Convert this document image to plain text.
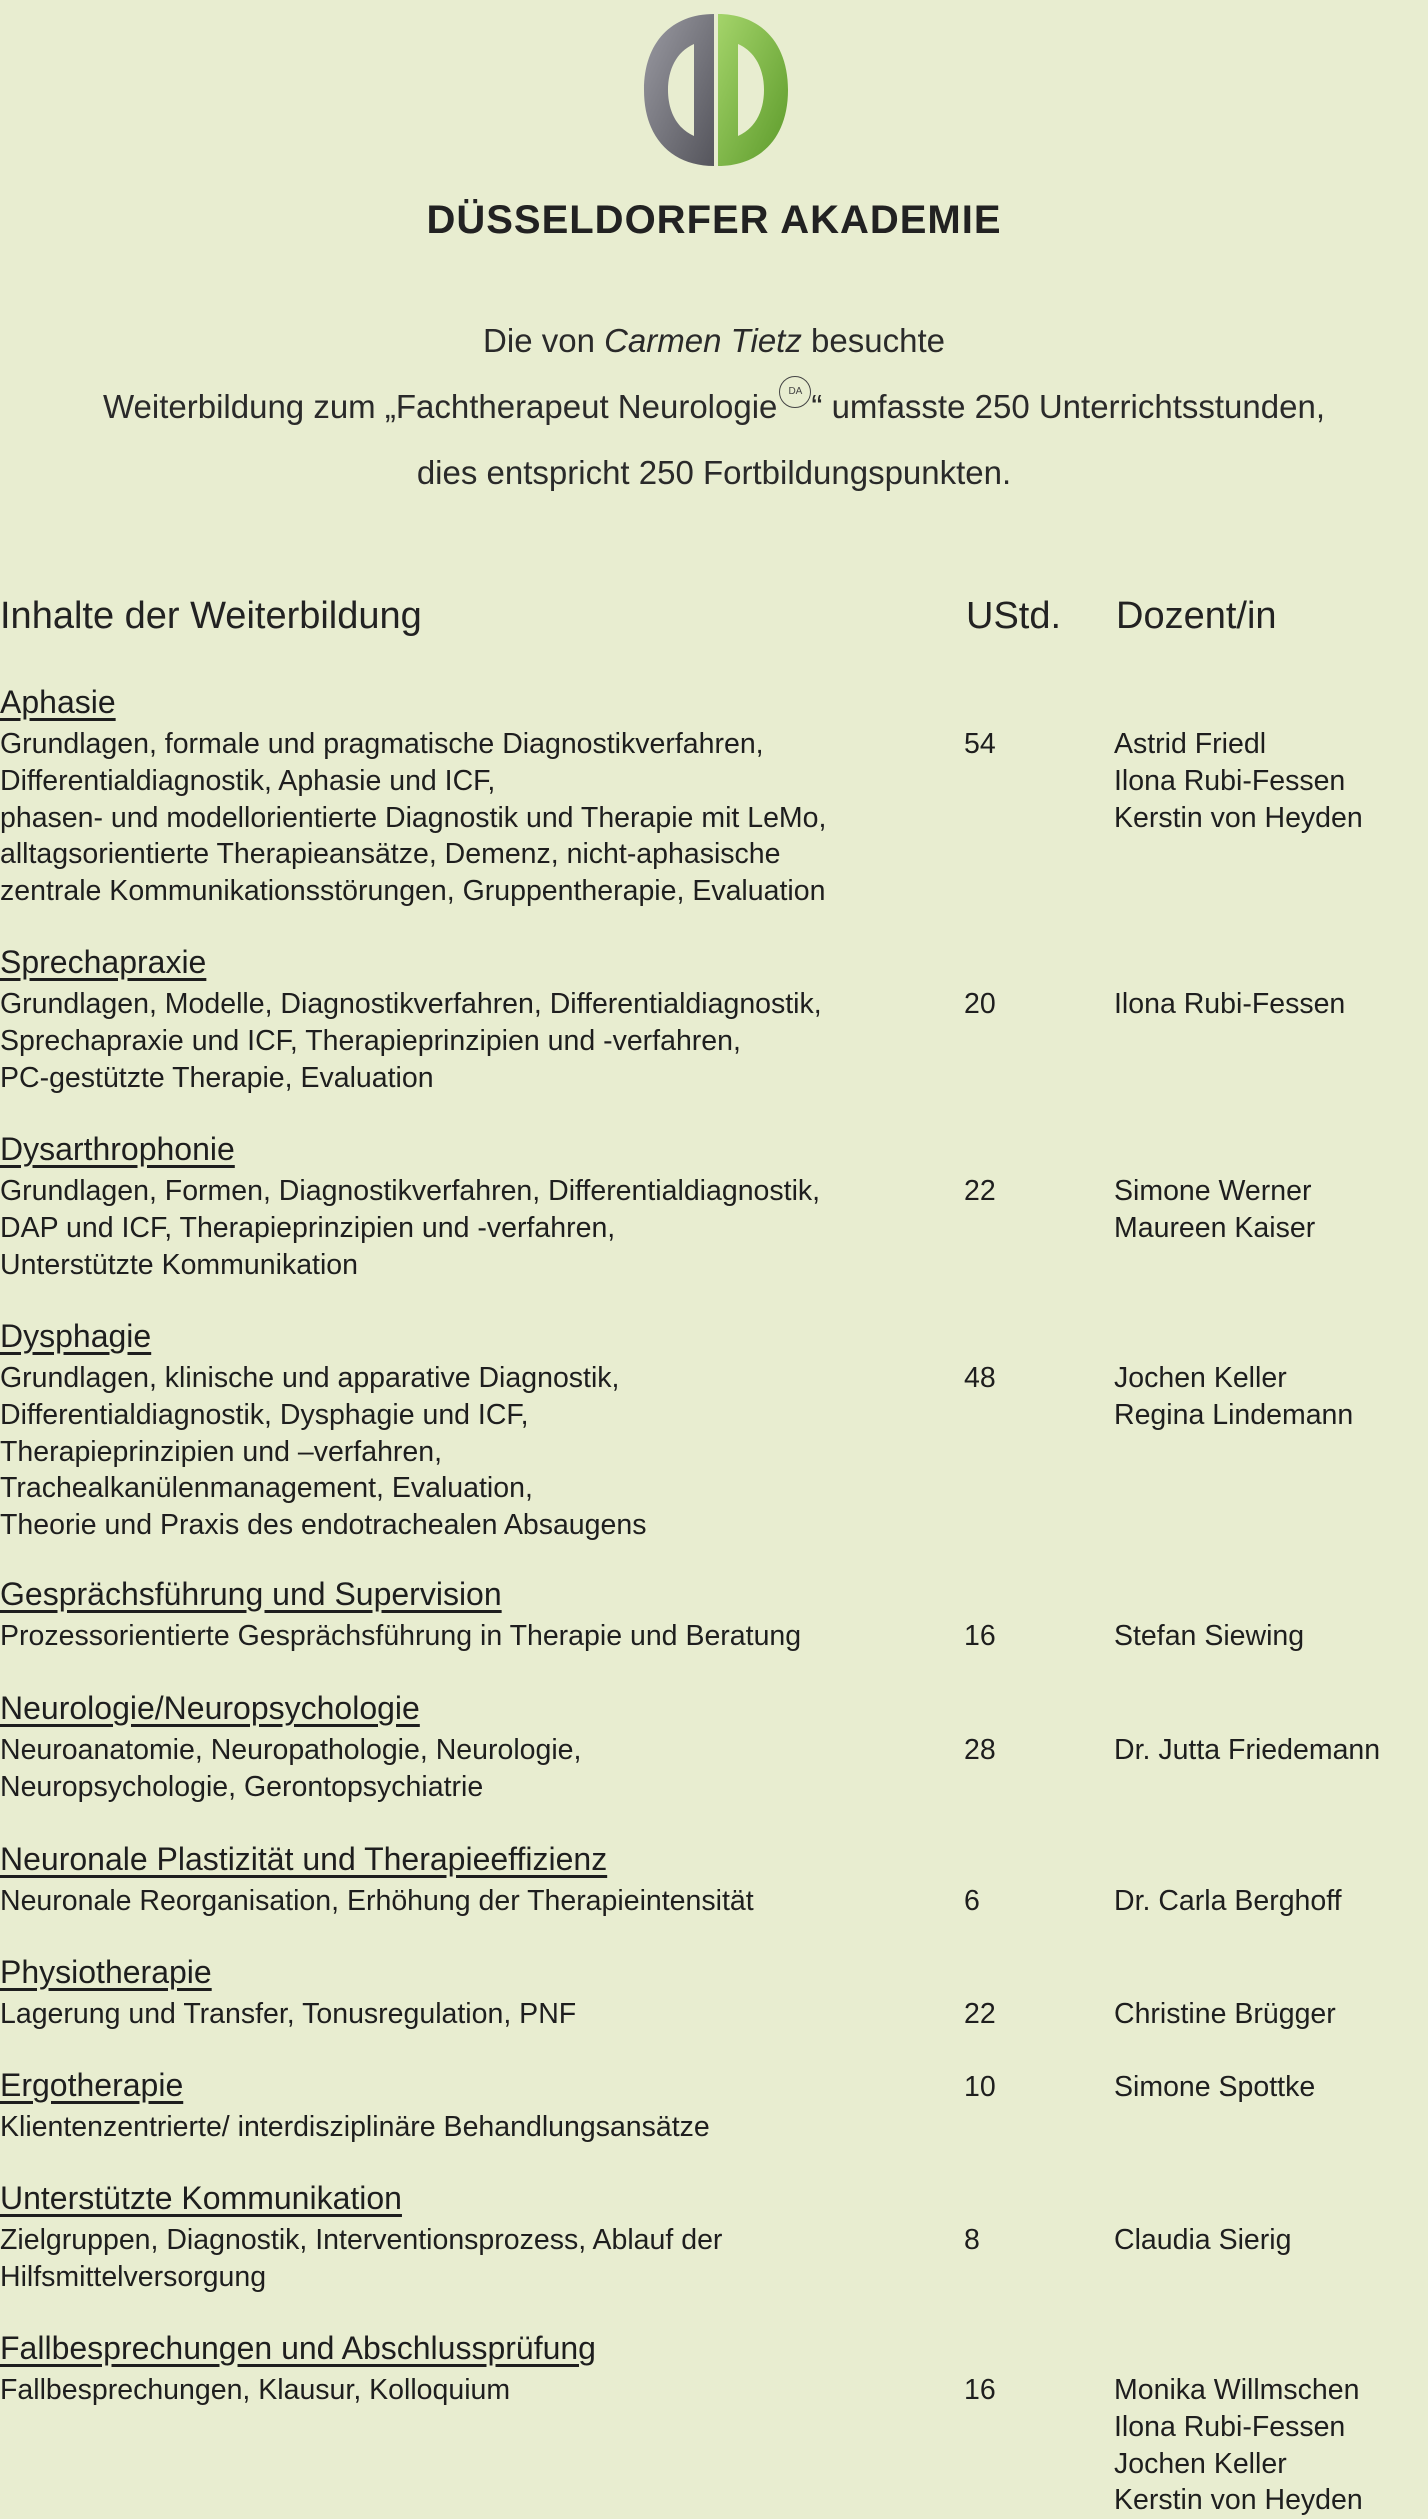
DÜSSELDORFER AKADEMIE
Die von Carmen Tietz besuchte
Weiterbildung zum „Fachtherapeut Neurologie DA “ umfasste 250 Unterrichtsstunden,
dies entspricht 250 Fortbildungspunkten.
Inhalte der Weiterbildung	UStd. Dozent/in
Aphasie
Grundlagen, formale und pragmatische Diagnostikverfahren,
Differentialdiagnostik, Aphasie und ICF,
phasen- und modellorientierte Diagnostik und Therapie mit LeMo,
alltagsorientierte Therapieansätze, Demenz, nicht-aphasische
zentrale Kommunikationsstörungen, Gruppentherapie, Evaluation
54	Astrid Friedl
Ilona Rubi-Fessen
Kerstin von Heyden
Sprechapraxie
Grundlagen, Modelle, Diagnostikverfahren, Differentialdiagnostik,
Sprechapraxie und ICF, Therapieprinzipien und -verfahren,
PC-gestützte Therapie, Evaluation
20	Ilona Rubi-Fessen
Dysarthrophonie
Grundlagen, Formen, Diagnostikverfahren, Differentialdiagnostik,
DAP und ICF, Therapieprinzipien und -verfahren,
Unterstützte Kommunikation
22	Simone Werner
Maureen Kaiser
Dysphagie
Grundlagen, klinische und apparative Diagnostik,
Differentialdiagnostik, Dysphagie und ICF,
Therapieprinzipien und –verfahren,
Trachealkanülenmanagement, Evaluation,
Theorie und Praxis des endotrachealen Absaugens
48	Jochen Keller
Regina Lindemann
Gesprächsführung und Supervision
Prozessorientierte Gesprächsführung in Therapie und Beratung	16	Stefan Siewing
Neurologie/Neuropsychologie
Neuroanatomie, Neuropathologie, Neurologie,
Neuropsychologie, Gerontopsychiatrie
28	Dr. Jutta Friedemann
Neuronale Plastizität und Therapieeffizienz
Neuronale Reorganisation, Erhöhung der Therapieintensität	6	Dr. Carla Berghoff
Physiotherapie
Lagerung und Transfer, Tonusregulation, PNF	22	Christine Brügger
Ergotherapie
Klientenzentrierte/ interdisziplinäre Behandlungsansätze
10	Simone Spottke
Unterstützte Kommunikation
Zielgruppen, Diagnostik, Interventionsprozess, Ablauf der
Hilfsmittelversorgung
8	Claudia Sierig
Fallbesprechungen und Abschlussprüfung
Fallbesprechungen, Klausur, Kolloquium	16	Monika Willmschen
Ilona Rubi-Fessen
Jochen Keller
Kerstin von Heyden
